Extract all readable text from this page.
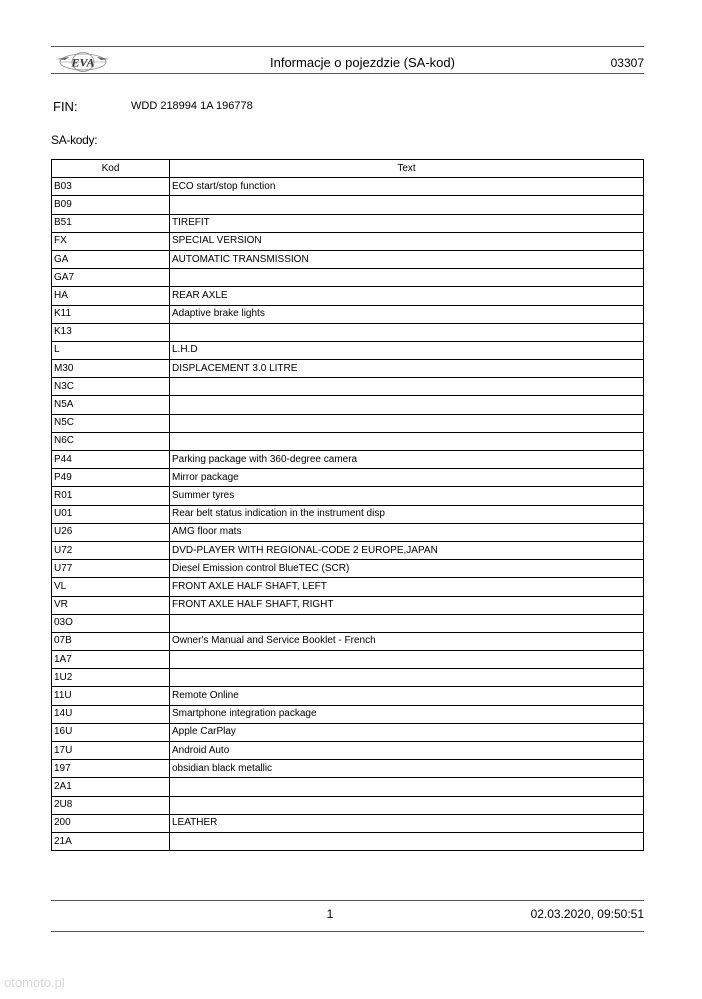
EVA	Informacje o pojezdzie (SA-kod)	03307
FIN:	WDD 218994 1A 196778
SA-kody:
Kod	Text
B03	ECO start/stop function
B09	
B51	TIREFIT
FX	SPECIAL VERSION
GA	AUTOMATIC TRANSMISSION
GA7	
HA	REAR AXLE
K11	Adaptive brake lights
K13	
L	L.H.D
M30	DISPLACEMENT 3.0 LITRE
N3C	
N5A	
N5C	
N6C	
P44	Parking package with 360-degree camera
P49	Mirror package
R01	Summer tyres
U01	Rear belt status indication in the instrument disp
U26	AMG floor mats
U72	DVD-PLAYER WITH REGIONAL-CODE 2 EUROPE,JAPAN
U77	Diesel Emission control BlueTEC (SCR)
VL	FRONT AXLE HALF SHAFT, LEFT
VR	FRONT AXLE HALF SHAFT, RIGHT
03O	
07B	Owner's Manual and Service Booklet - French
1A7	
1U2	
11U	Remote Online
14U	Smartphone integration package
16U	Apple CarPlay
17U	Android Auto
197	obsidian black metallic
2A1	
2U8	
200	LEATHER
21A	
1	02.03.2020, 09:50:51
otomoto.pl
